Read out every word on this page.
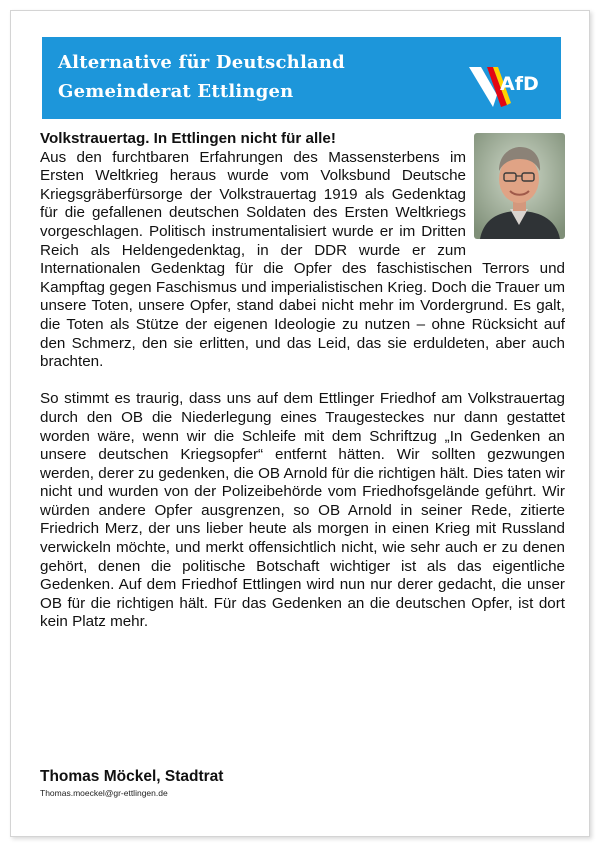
Alternative für Deutschland
Gemeinderat Ettlingen	AfD
Volkstrauertag. In Ettlingen nicht für alle!

Aus den furchtbaren Erfahrungen des Massensterbens im Ersten Weltkrieg heraus wurde vom Volksbund Deutsche Kriegsgräberfürsorge der Volkstrauertag 1919 als Gedenktag für die gefallenen deutschen Soldaten des Ersten Weltkriegs vorgeschlagen. Politisch instrumentalisiert wurde er im Dritten Reich als Heldengedenktag, in der DDR wurde er zum Internationalen Gedenktag für die Opfer des faschistischen Terrors und Kampftag gegen Faschismus und imperialistischen Krieg. Doch die Trauer um unsere Toten, unsere Opfer, stand dabei nicht mehr im Vordergrund. Es galt, die Toten als Stütze der eigenen Ideologie zu nutzen – ohne Rücksicht auf den Schmerz, den sie erlitten, und das Leid, das sie erduldeten, aber auch brachten.

So stimmt es traurig, dass uns auf dem Ettlinger Friedhof am Volkstrauertag durch den OB die Niederlegung eines Traugesteckes nur dann gestattet worden wäre, wenn wir die Schleife mit dem Schriftzug „In Gedenken an unsere deutschen Kriegsopfer“ entfernt hätten. Wir sollten gezwungen werden, derer zu gedenken, die OB Arnold für die richtigen hält. Dies taten wir nicht und wurden von der Polizeibehörde vom Friedhofsgelände geführt. Wir würden andere Opfer ausgrenzen, so OB Arnold in seiner Rede, zitierte Friedrich Merz, der uns lieber heute als morgen in einen Krieg mit Russland verwickeln möchte, und merkt offensichtlich nicht, wie sehr auch er zu denen gehört, denen die politische Botschaft wichtiger ist als das eigentliche Gedenken. Auf dem Friedhof Ettlingen wird nun nur derer gedacht, die unser OB für die richtigen hält. Für das Gedenken an die deutschen Opfer, ist dort kein Platz mehr.

Thomas Möckel, Stadtrat
Thomas.moeckel@gr-ettlingen.de
